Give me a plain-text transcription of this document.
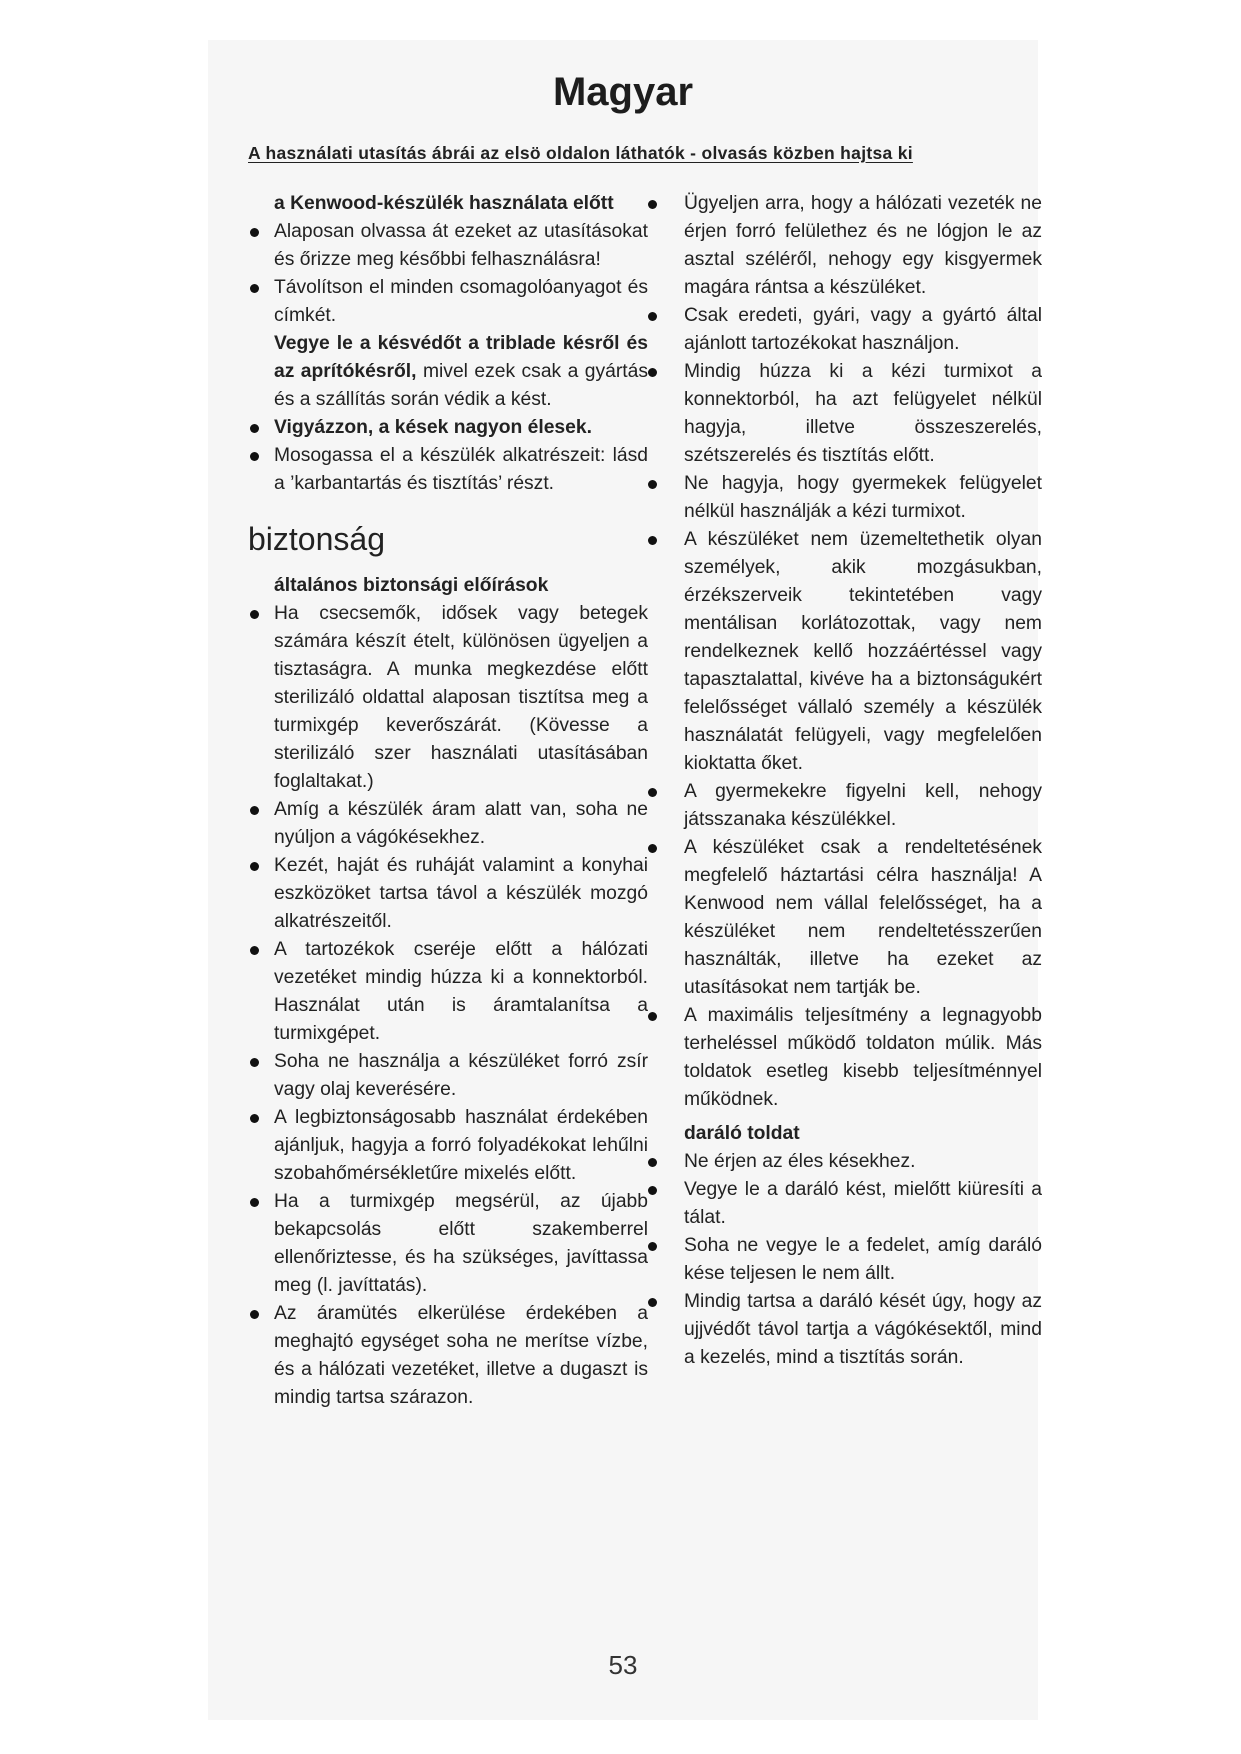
Magyar

A használati utasítás ábrái az elsö oldalon láthatók - olvasás közben hajtsa ki

a Kenwood-készülék használata előtt

Alaposan olvassa át ezeket az utasításokat és őrizze meg későbbi felhasználásra!

Távolítson el minden csomagolóanyagot és címkét.

Vegye le a késvédőt a triblade késről és az aprítókésről, mivel ezek csak a gyártás és a szállítás során védik a kést.

Vigyázzon, a kések nagyon élesek.

Mosogassa el a készülék alkatrészeit: lásd a ’karbantartás és tisztítás’ részt.

biztonság

általános biztonsági előírások

Ha csecsemők, idősek vagy betegek számára készít ételt, különösen ügyeljen a tisztaságra. A munka megkezdése előtt sterilizáló oldattal alaposan tisztítsa meg a turmixgép keverőszárát. (Kövesse a sterilizáló szer használati utasításában foglaltakat.)

Amíg a készülék áram alatt van, soha ne nyúljon a vágókésekhez.

Kezét, haját és ruháját valamint a konyhai eszközöket tartsa távol a készülék mozgó alkatrészeitől.

A tartozékok cseréje előtt a hálózati vezetéket mindig húzza ki a konnektorból. Használat után is áramtalanítsa a turmixgépet.

Soha ne használja a készüléket forró zsír vagy olaj keverésére.

A legbiztonságosabb használat érdekében ajánljuk, hagyja a forró folyadékokat lehűlni szobahőmérsékletűre mixelés előtt.

Ha a turmixgép megsérül, az újabb bekapcsolás előtt szakemberrel ellenőriztesse, és ha szükséges, javíttassa meg (l. javíttatás).

Az áramütés elkerülése érdekében a meghajtó egységet soha ne merítse vízbe, és a hálózati vezetéket, illetve a dugaszt is mindig tartsa szárazon.

Ügyeljen arra, hogy a hálózati vezeték ne érjen forró felülethez és ne lógjon le az asztal széléről, nehogy egy kisgyermek magára rántsa a készüléket.

Csak eredeti, gyári, vagy a gyártó által ajánlott tartozékokat használjon.

Mindig húzza ki a kézi turmixot a konnektorból, ha azt felügyelet nélkül hagyja, illetve összeszerelés, szétszerelés és tisztítás előtt.

Ne hagyja, hogy gyermekek felügyelet nélkül használják a kézi turmixot.

A készüléket nem üzemeltethetik olyan személyek, akik mozgásukban, érzékszerveik tekintetében vagy mentálisan korlátozottak, vagy nem rendelkeznek kellő hozzáértéssel vagy tapasztalattal, kivéve ha a biztonságukért felelősséget vállaló személy a készülék használatát felügyeli, vagy megfelelően kioktatta őket.

A gyermekekre figyelni kell, nehogy játsszanaka készülékkel.

A készüléket csak a rendeltetésének megfelelő háztartási célra használja! A Kenwood nem vállal felelősséget, ha a készüléket nem rendeltetésszerűen használták, illetve ha ezeket az utasításokat nem tartják be.

A maximális teljesítmény a legnagyobb terheléssel működő toldaton múlik. Más toldatok esetleg kisebb teljesítménnyel működnek.

daráló toldat

Ne érjen az éles késekhez.

Vegye le a daráló kést, mielőtt kiüresíti a tálat.

Soha ne vegye le a fedelet, amíg daráló kése teljesen le nem állt.

Mindig tartsa a daráló kését úgy, hogy az ujjvédőt távol tartja a vágókésektől, mind a kezelés, mind a tisztítás során.

53
